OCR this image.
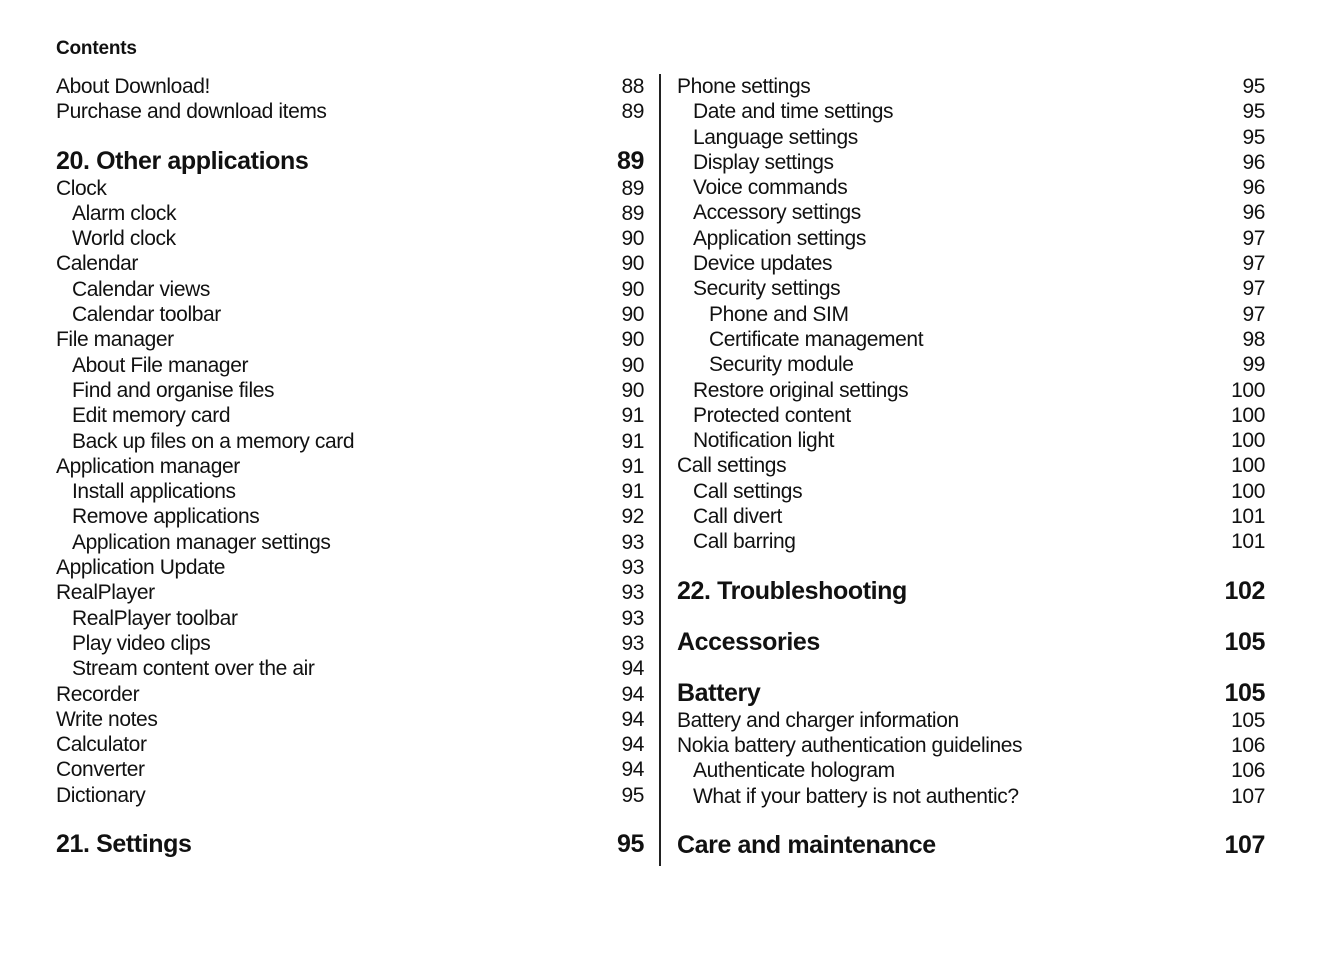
Contents
About Download!	88
Purchase and download items	89
20. Other applications	89
Clock	89
Alarm clock	89
World clock	90
Calendar	90
Calendar views	90
Calendar toolbar	90
File manager	90
About File manager	90
Find and organise files	90
Edit memory card	91
Back up files on a memory card	91
Application manager	91
Install applications	91
Remove applications	92
Application manager settings	93
Application Update	93
RealPlayer	93
RealPlayer toolbar	93
Play video clips	93
Stream content over the air	94
Recorder	94
Write notes	94
Calculator	94
Converter	94
Dictionary	95
21. Settings	95
Phone settings	95
Date and time settings	95
Language settings	95
Display settings	96
Voice commands	96
Accessory settings	96
Application settings	97
Device updates	97
Security settings	97
Phone and SIM	97
Certificate management	98
Security module	99
Restore original settings	100
Protected content	100
Notification light	100
Call settings	100
Call settings	100
Call divert	101
Call barring	101
22. Troubleshooting	102
Accessories	105
Battery	105
Battery and charger information	105
Nokia battery authentication guidelines	106
Authenticate hologram	106
What if your battery is not authentic?	107
Care and maintenance	107
